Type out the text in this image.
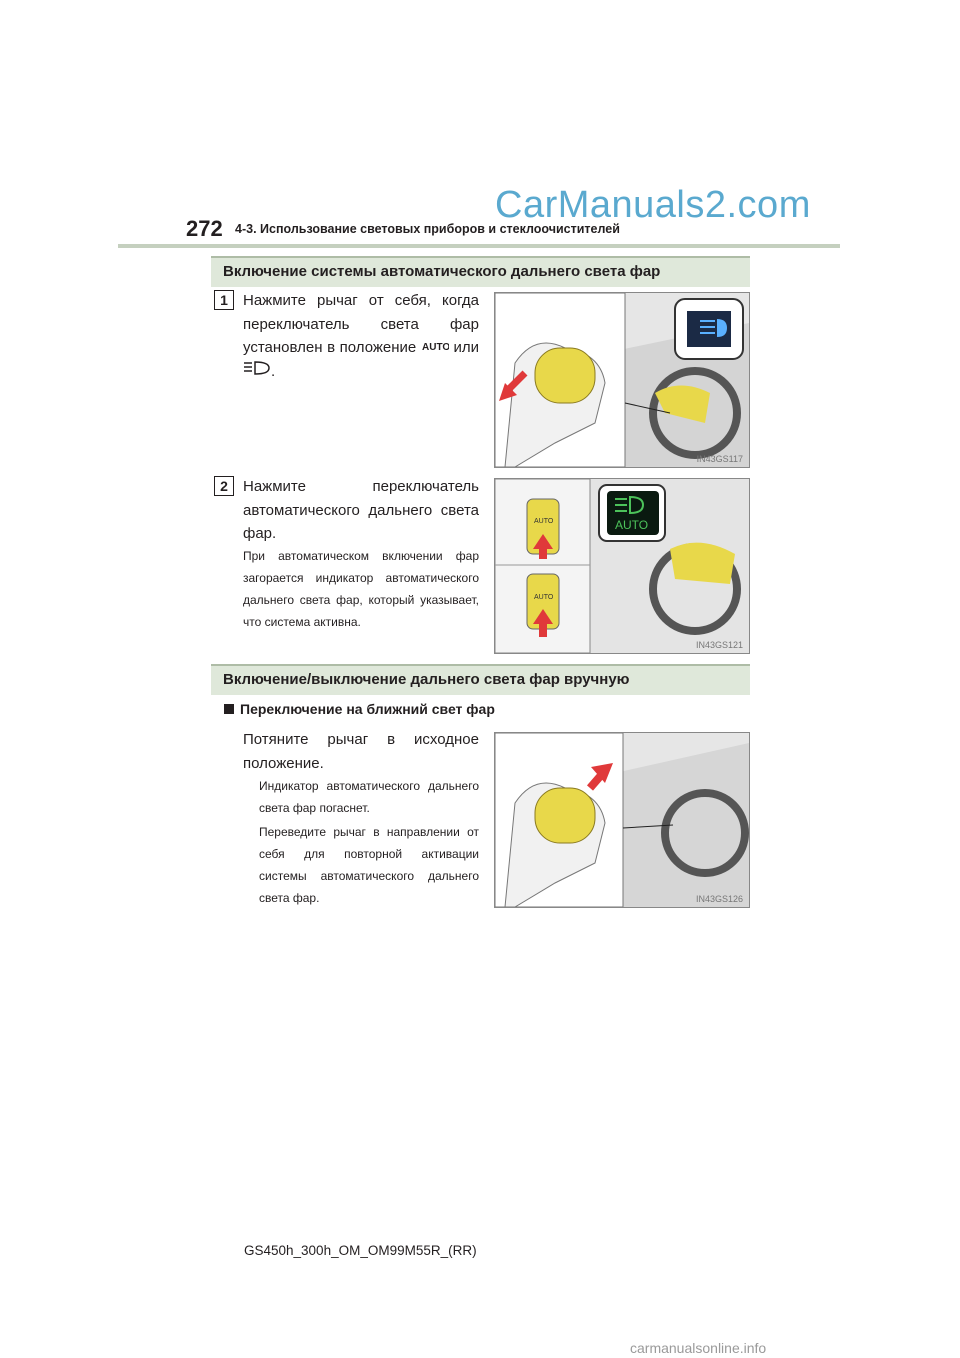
CarManuals2.com
272 4-3. Использование световых приборов и стеклоочистителей
Включение системы автоматического дальнего света фар
1	Нажмите рычаг от себя, когда переключатель света фар установлен в положение AUTO или .
IN43GS117
2	Нажмите переключатель автоматического дальнего света фар.
При автоматическом включении фар загорается индикатор автоматического дальнего света фар, который указывает, что система активна.
AUTO
AUTO
AUTO
IN43GS121
Включение/выключение дальнего света фар вручную
Переключение на ближний свет фар
Потяните рычаг в исходное положение.
Индикатор автоматического дальнего света фар погаснет.
Переведите рычаг в направлении от себя для повторной активации системы автоматического дальнего света фар.	IN43GS126
GS450h_300h_OM_OM99M55R_(RR)
carmanualsonline.info
